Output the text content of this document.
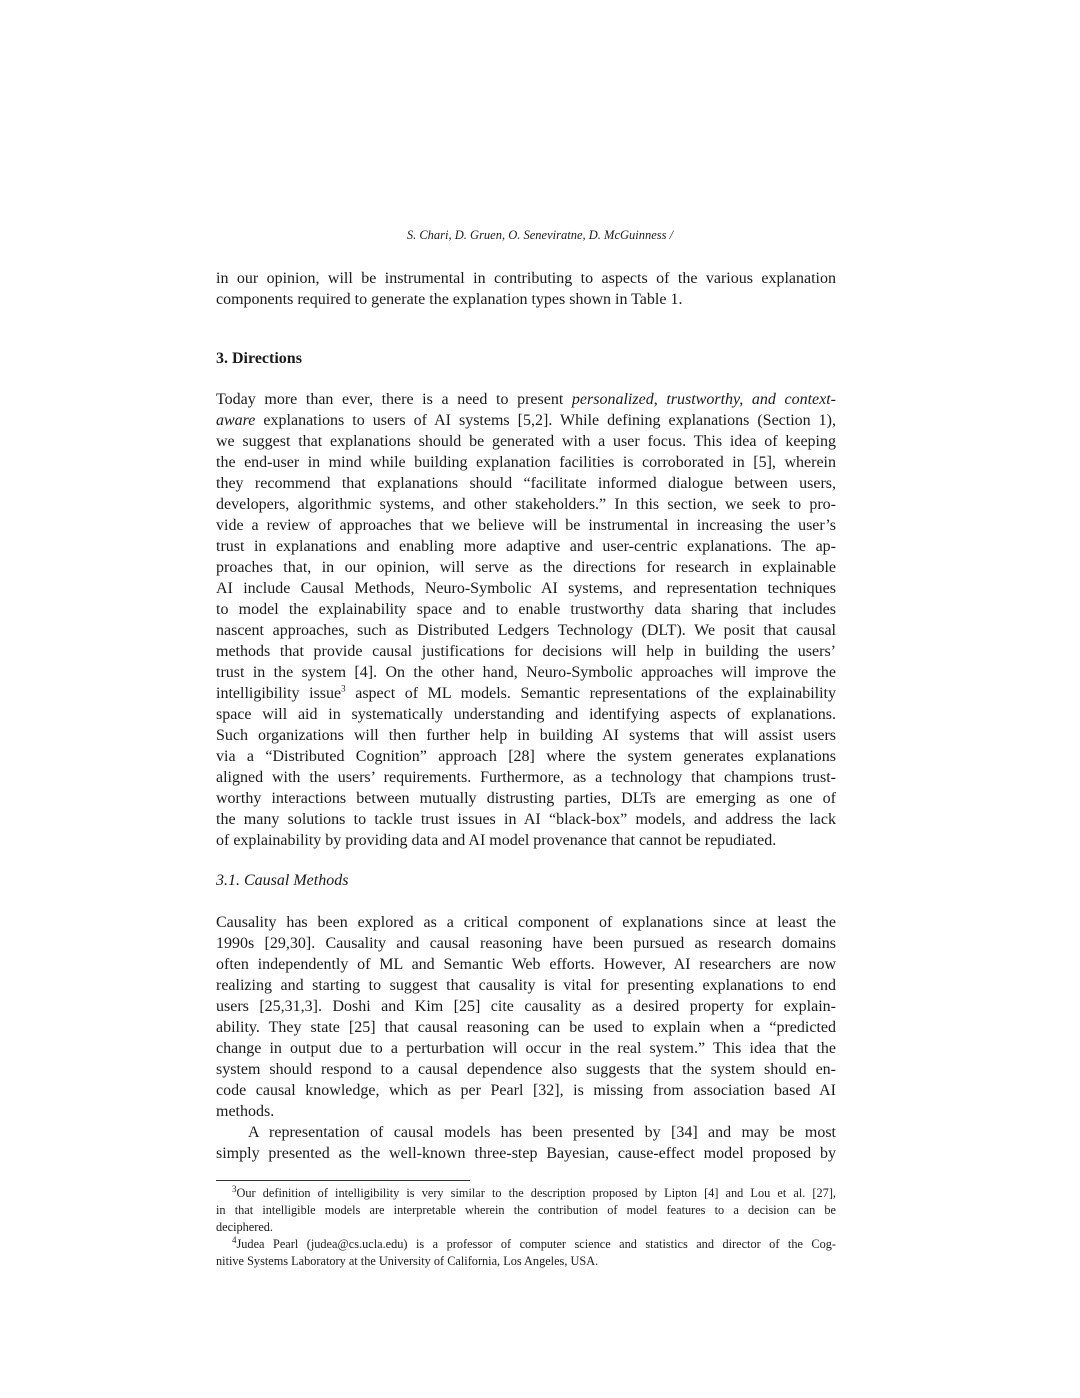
S. Chari, D. Gruen, O. Seneviratne, D. McGuinness /
in our opinion, will be instrumental in contributing to aspects of the various explanation
components required to generate the explanation types shown in Table 1.
3. Directions
Today more than ever, there is a need to present personalized, trustworthy, and context-
aware explanations to users of AI systems [5,2]. While defining explanations (Section 1),
we suggest that explanations should be generated with a user focus. This idea of keeping
the end-user in mind while building explanation facilities is corroborated in [5], wherein
they recommend that explanations should “facilitate informed dialogue between users,
developers, algorithmic systems, and other stakeholders.” In this section, we seek to pro-
vide a review of approaches that we believe will be instrumental in increasing the user’s
trust in explanations and enabling more adaptive and user-centric explanations. The ap-
proaches that, in our opinion, will serve as the directions for research in explainable
AI include Causal Methods, Neuro-Symbolic AI systems, and representation techniques
to model the explainability space and to enable trustworthy data sharing that includes
nascent approaches, such as Distributed Ledgers Technology (DLT). We posit that causal
methods that provide causal justifications for decisions will help in building the users’
trust in the system [4]. On the other hand, Neuro-Symbolic approaches will improve the
intelligibility issue$^3$ aspect of ML models. Semantic representations of the explainability
space will aid in systematically understanding and identifying aspects of explanations.
Such organizations will then further help in building AI systems that will assist users
via a “Distributed Cognition” approach [28] where the system generates explanations
aligned with the users’ requirements. Furthermore, as a technology that champions trust-
worthy interactions between mutually distrusting parties, DLTs are emerging as one of
the many solutions to tackle trust issues in AI “black-box” models, and address the lack
of explainability by providing data and AI model provenance that cannot be repudiated.
3.1. Causal Methods
Causality has been explored as a critical component of explanations since at least the
1990s [29,30]. Causality and causal reasoning have been pursued as research domains
often independently of ML and Semantic Web efforts. However, AI researchers are now
realizing and starting to suggest that causality is vital for presenting explanations to end
users [25,31,3]. Doshi and Kim [25] cite causality as a desired property for explain-
ability. They state [25] that causal reasoning can be used to explain when a “predicted
change in output due to a perturbation will occur in the real system.” This idea that the
system should respond to a causal dependence also suggests that the system should en-
code causal knowledge, which as per Pearl [32], is missing from association based AI
methods.
A representation of causal models has been presented by [34] and may be most
simply presented as the well-known three-step Bayesian, cause-effect model proposed by
$^3$Our definition of intelligibility is very similar to the description proposed by Lipton [4] and Lou et al. [27],
in that intelligible models are interpretable wherein the contribution of model features to a decision can be
deciphered.
$^4$Judea Pearl (judea@cs.ucla.edu) is a professor of computer science and statistics and director of the Cog-
nitive Systems Laboratory at the University of California, Los Angeles, USA.
